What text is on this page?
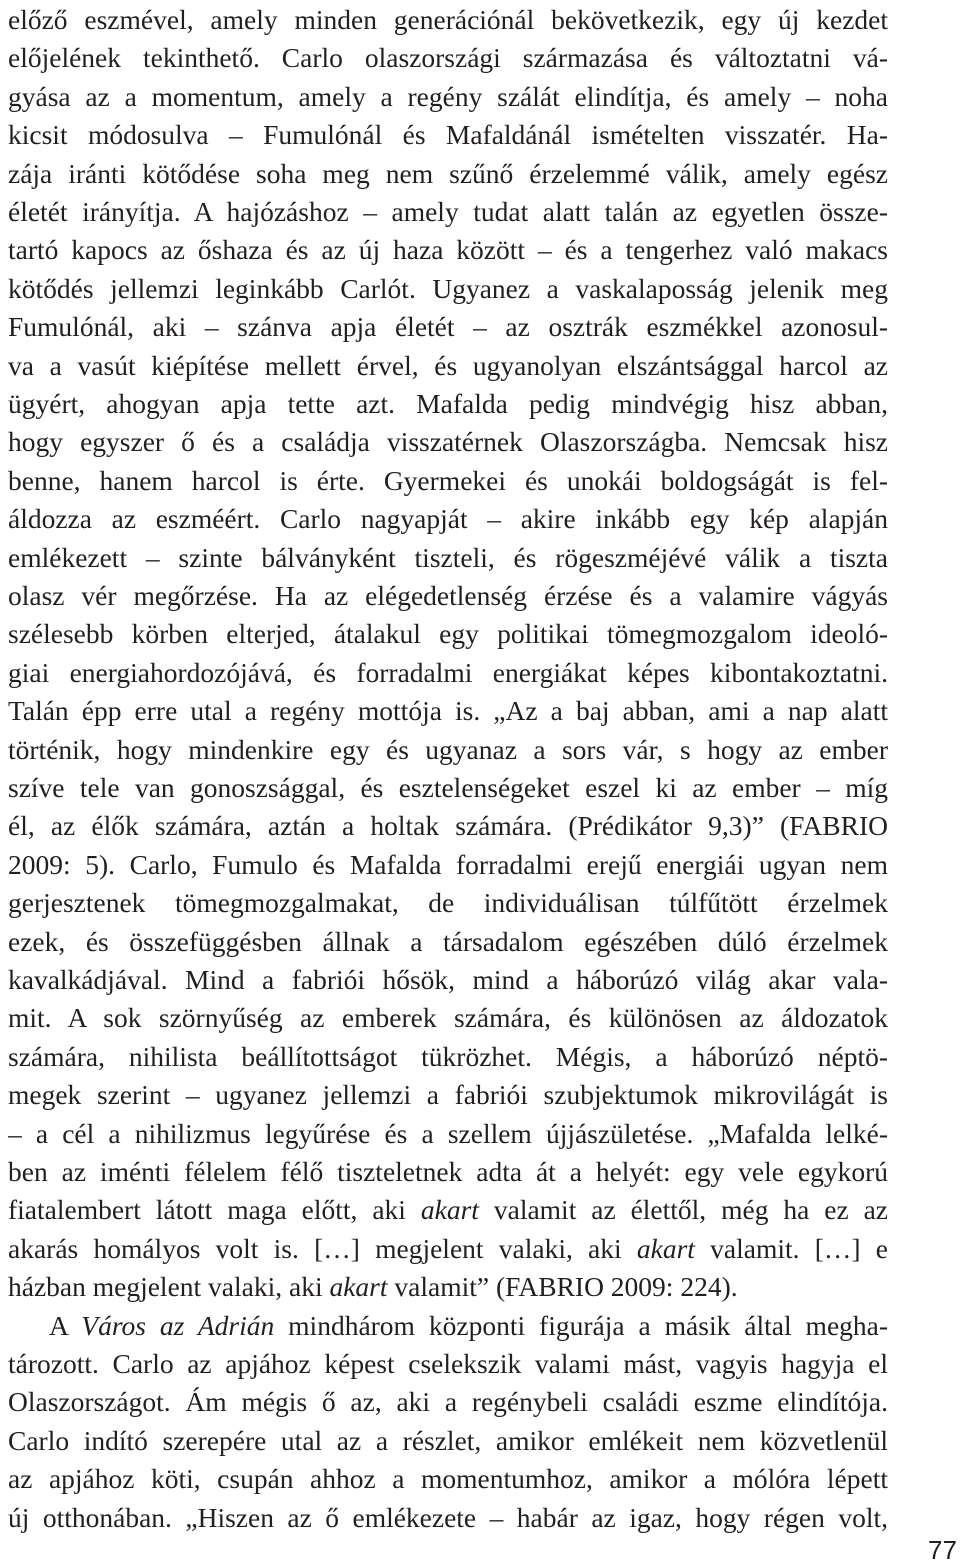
előző eszmével, amely minden generációnál bekövetkezik, egy új kezdet
előjelének tekinthető. Carlo olaszországi származása és változtatni vá-
gyása az a momentum, amely a regény szálát elindítja, és amely – noha
kicsit módosulva – Fumulónál és Mafaldánál ismételten visszatér. Ha-
zája iránti kötődése soha meg nem szűnő érzelemmé válik, amely egész
életét irányítja. A hajózáshoz – amely tudat alatt talán az egyetlen össze-
tartó kapocs az őshaza és az új haza között – és a tengerhez való makacs
kötődés jellemzi leginkább Carlót. Ugyanez a vaskalaposság jelenik meg
Fumulónál, aki – szánva apja életét – az osztrák eszmékkel azonosul-
va a vasút kiépítése mellett érvel, és ugyanolyan elszántsággal harcol az
ügyért, ahogyan apja tette azt. Mafalda pedig mindvégig hisz abban,
hogy egyszer ő és a családja visszatérnek Olaszországba. Nemcsak hisz
benne, hanem harcol is érte. Gyermekei és unokái boldogságát is fel-
áldozza az eszméért. Carlo nagyapját – akire inkább egy kép alapján
emlékezett – szinte bálványként tiszteli, és rögeszméjévé válik a tiszta
olasz vér megőrzése. Ha az elégedetlenség érzése és a valamire vágyás
szélesebb körben elterjed, átalakul egy politikai tömegmozgalom ideoló-
giai energiahordozójává, és forradalmi energiákat képes kibontakoztatni.
Talán épp erre utal a regény mottója is. „Az a baj abban, ami a nap alatt
történik, hogy mindenkire egy és ugyanaz a sors vár, s hogy az ember
szíve tele van gonoszsággal, és esztelenségeket eszel ki az ember – míg
él, az élők számára, aztán a holtak számára. (Prédikátor 9,3)” (FABRIO
2009: 5). Carlo, Fumulo és Mafalda forradalmi erejű energiái ugyan nem
gerjesztenek tömegmozgalmakat, de individuálisan túlfűtött érzelmek
ezek, és összefüggésben állnak a társadalom egészében dúló érzelmek
kavalkádjával. Mind a fabriói hősök, mind a háborúzó világ akar vala-
mit. A sok szörnyűség az emberek számára, és különösen az áldozatok
számára, nihilista beállítottságot tükrözhet. Mégis, a háborúzó néptö-
megek szerint – ugyanez jellemzi a fabriói szubjektumok mikrovilágát is
– a cél a nihilizmus legyűrése és a szellem újjászületése. „Mafalda lelké-
ben az iménti félelem félő tiszteletnek adta át a helyét: egy vele egykorú
fiatalembert látott maga előtt, aki akart valamit az élettől, még ha ez az
akarás homályos volt is. […] megjelent valaki, aki akart valamit. […] e
házban megjelent valaki, aki akart valamit” (FABRIO 2009: 224).
A Város az Adrián mindhárom központi figurája a másik által megha-
tározott. Carlo az apjához képest cselekszik valami mást, vagyis hagyja el
Olaszországot. Ám mégis ő az, aki a regénybeli családi eszme elindítója.
Carlo indító szerepére utal az a részlet, amikor emlékeit nem közvetlenül
az apjához köti, csupán ahhoz a momentumhoz, amikor a mólóra lépett
új otthonában. „Hiszen az ő emlékezete – habár az igaz, hogy régen volt,
77
